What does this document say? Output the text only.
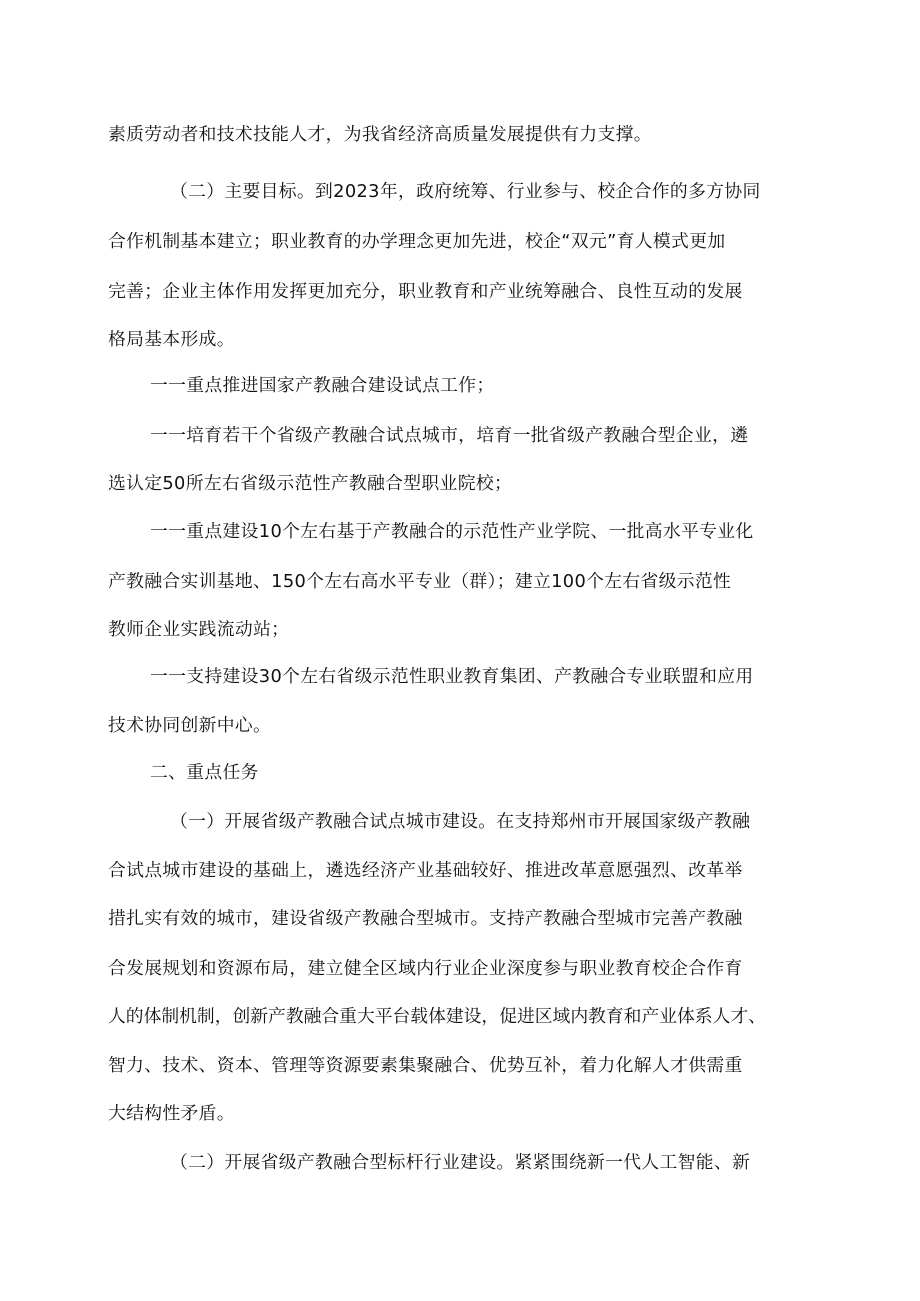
素质劳动者和技术技能人才，为我省经济高质量发展提供有力支撑。

（二）主要目标。到2023年，政府统筹、行业参与、校企合作的多方协同

合作机制基本建立；职业教育的办学理念更加先进，校企“双元”育人模式更加

完善；企业主体作用发挥更加充分，职业教育和产业统筹融合、良性互动的发展

格局基本形成。

一一重点推进国家产教融合建设试点工作；

一一培育若干个省级产教融合试点城市，培育一批省级产教融合型企业，遴

选认定50所左右省级示范性产教融合型职业院校；

一一重点建设10个左右基于产教融合的示范性产业学院、一批高水平专业化

产教融合实训基地、150个左右高水平专业（群）；建立100个左右省级示范性

教师企业实践流动站；

一一支持建设30个左右省级示范性职业教育集团、产教融合专业联盟和应用

技术协同创新中心。

二、重点任务

（一）开展省级产教融合试点城市建设。在支持郑州市开展国家级产教融

合试点城市建设的基础上，遴选经济产业基础较好、推进改革意愿强烈、改革举

措扎实有效的城市，建设省级产教融合型城市。支持产教融合型城市完善产教融

合发展规划和资源布局，建立健全区域内行业企业深度参与职业教育校企合作育

人的体制机制，创新产教融合重大平台载体建设，促进区域内教育和产业体系人才、

智力、技术、资本、管理等资源要素集聚融合、优势互补，着力化解人才供需重

大结构性矛盾。

（二）开展省级产教融合型标杆行业建设。紧紧围绕新一代人工智能、新
